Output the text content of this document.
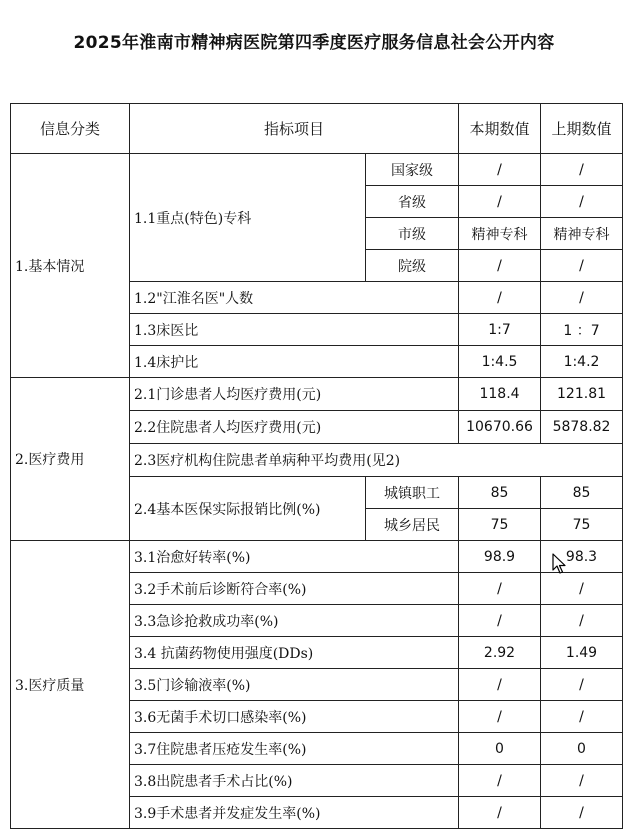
2025年淮南市精神病医院第四季度医疗服务信息社会公开内容
信息分类	指标项目		本期数值	上期数值
1.基本情况	1.1重点(特色)专科	国家级	/	/
		省级	/	/
		市级	精神专科	精神专科
		院级	/	/
	1.2"江淮名医"人数		/	/
	1.3床医比		1:7	1 ：7
	1.4床护比		1:4.5	1:4.2
2.医疗费用	2.1门诊患者人均医疗费用(元)		118.4	121.81
	2.2住院患者人均医疗费用(元)		10670.66	5878.82
	2.3医疗机构住院患者单病种平均费用(见2)			
	2.4基本医保实际报销比例(%)	城镇职工	85	85
		城乡居民	75	75
3.医疗质量	3.1治愈好转率(%)		98.9	98.3
	3.2手术前后诊断符合率(%)		/	/
	3.3急诊抢救成功率(%)		/	/
	3.4 抗菌药物使用强度(DDs)		2.92	1.49
	3.5门诊输液率(%)		/	/
	3.6无菌手术切口感染率(%)		/	/
	3.7住院患者压疮发生率(%)		0	0
	3.8出院患者手术占比(%)		/	/
	3.9手术患者并发症发生率(%)		/	/
